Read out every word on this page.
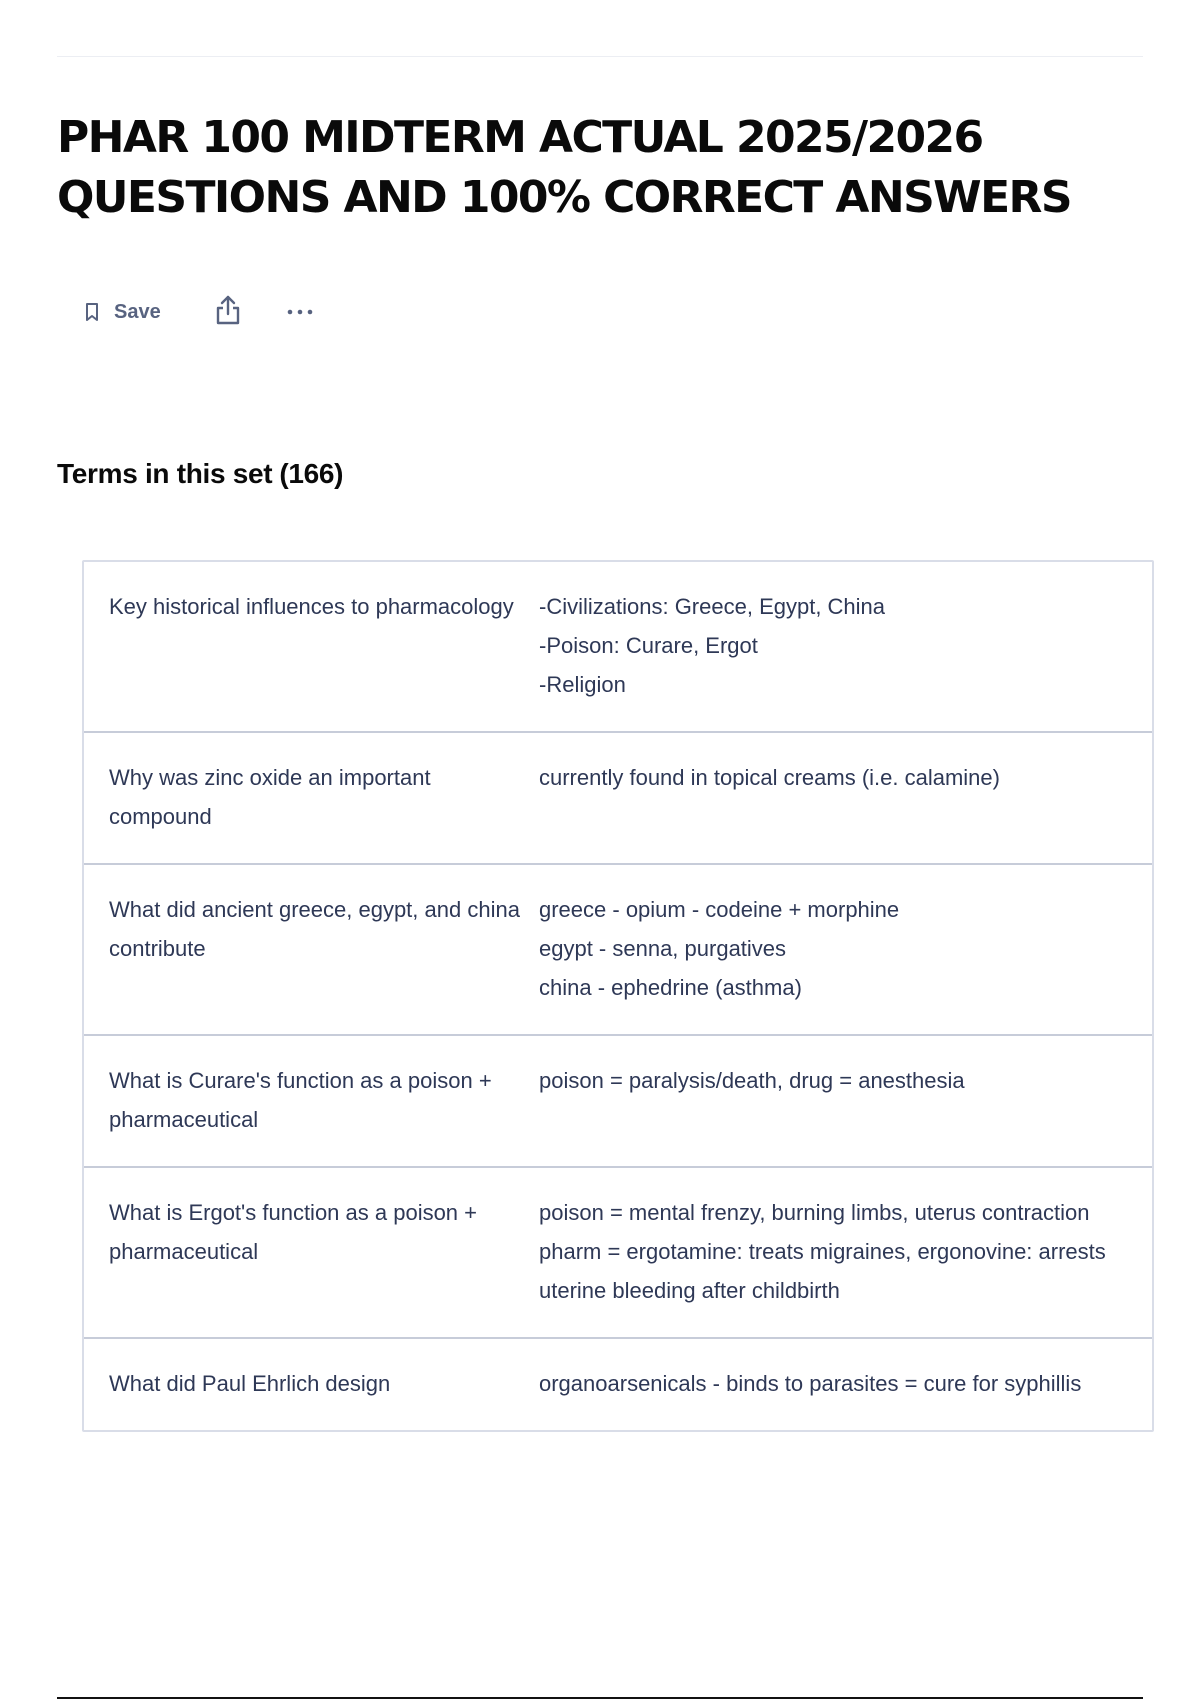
PHAR 100 MIDTERM ACTUAL 2025/2026
QUESTIONS AND 100% CORRECT ANSWERS
Save
Terms in this set (166)
Key historical influences to pharmacology	-Civilizations: Greece, Egypt, China
-Poison: Curare, Ergot
-Religion
Why was zinc oxide an important compound
currently found in topical creams (i.e. calamine)
What did ancient greece, egypt, and china contribute
greece - opium - codeine + morphine
egypt - senna, purgatives
china - ephedrine (asthma)
What is Curare's function as a poison + pharmaceutical
poison = paralysis/death, drug = anesthesia
What is Ergot's function as a poison + pharmaceutical
poison = mental frenzy, burning limbs, uterus contraction
pharm = ergotamine: treats migraines, ergonovine: arrests uterine bleeding after childbirth
What did Paul Ehrlich design	organoarsenicals - binds to parasites = cure for syphillis
